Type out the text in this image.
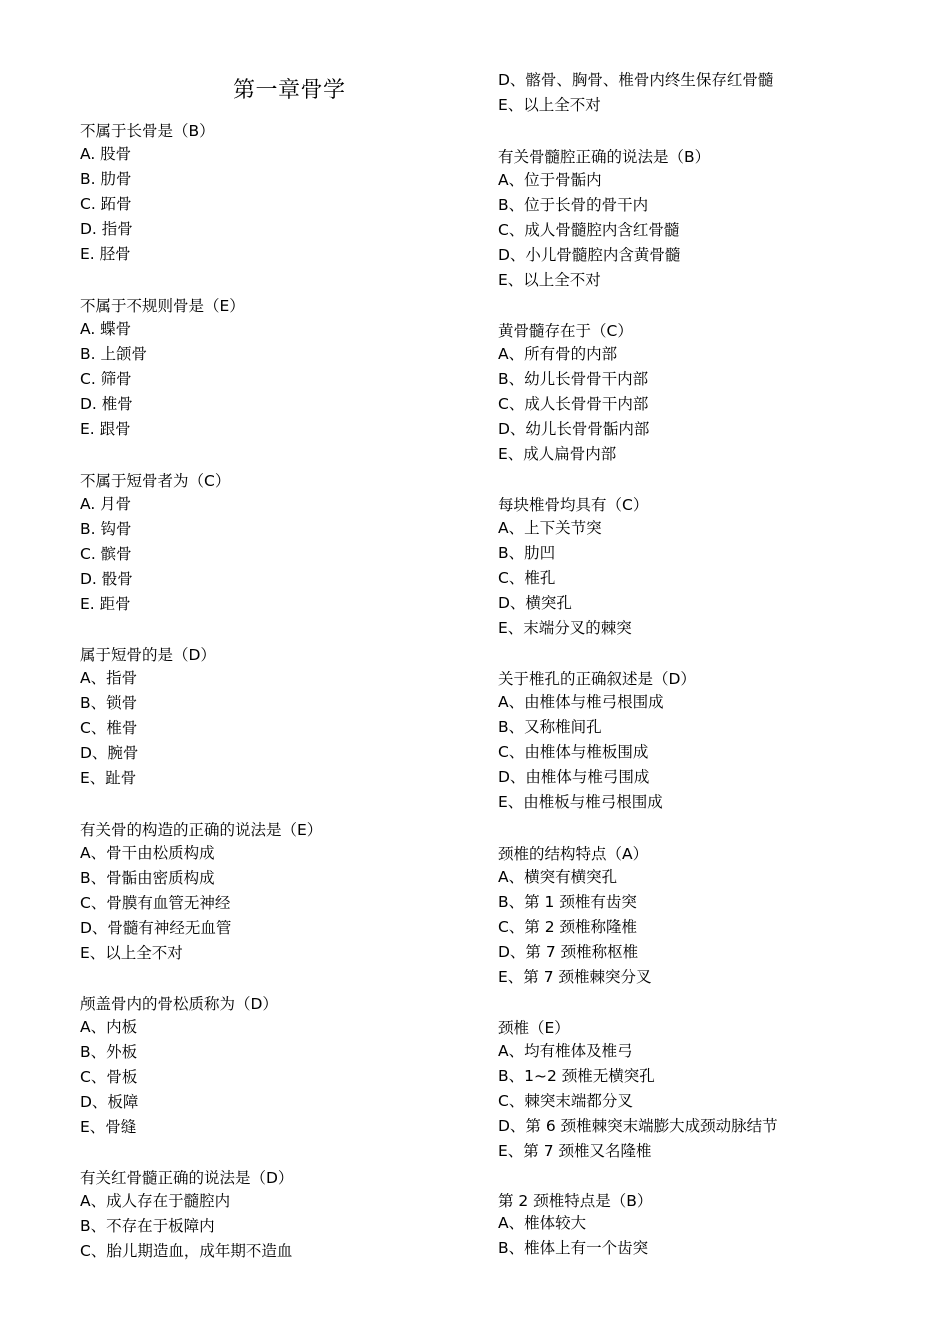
第一章骨学
不属于长骨是（B）
A. 股骨
B. 肋骨
C. 跖骨
D. 指骨
E. 胫骨
不属于不规则骨是（E）
A. 蝶骨
B. 上颌骨
C. 筛骨
D. 椎骨
E. 跟骨
不属于短骨者为（C）
A. 月骨
B. 钩骨
C. 髌骨
D. 骰骨
E. 距骨
属于短骨的是（D）
A、指骨
B、锁骨
C、椎骨
D、腕骨
E、趾骨
有关骨的构造的正确的说法是（E）
A、骨干由松质构成
B、骨骺由密质构成
C、骨膜有血管无神经
D、骨髓有神经无血管
E、以上全不对
颅盖骨内的骨松质称为（D）
A、内板
B、外板
C、骨板
D、板障
E、骨缝
有关红骨髓正确的说法是（D）
A、成人存在于髓腔内
B、不存在于板障内
C、胎儿期造血，成年期不造血
D、髂骨、胸骨、椎骨内终生保存红骨髓
E、以上全不对
有关骨髓腔正确的说法是（B）
A、位于骨骺内
B、位于长骨的骨干内
C、成人骨髓腔内含红骨髓
D、小儿骨髓腔内含黄骨髓
E、以上全不对
黄骨髓存在于（C）
A、所有骨的内部
B、幼儿长骨骨干内部
C、成人长骨骨干内部
D、幼儿长骨骨骺内部
E、成人扁骨内部
每块椎骨均具有（C）
A、上下关节突
B、肋凹
C、椎孔
D、横突孔
E、末端分叉的棘突
关于椎孔的正确叙述是（D）
A、由椎体与椎弓根围成
B、又称椎间孔
C、由椎体与椎板围成
D、由椎体与椎弓围成
E、由椎板与椎弓根围成
颈椎的结构特点（A）
A、横突有横突孔
B、第 1 颈椎有齿突
C、第 2 颈椎称隆椎
D、第 7 颈椎称枢椎
E、第 7 颈椎棘突分叉
颈椎（E）
A、均有椎体及椎弓
B、1~2 颈椎无横突孔
C、棘突末端都分叉
D、第 6 颈椎棘突末端膨大成颈动脉结节
E、第 7 颈椎又名隆椎
第 2 颈椎特点是（B）
A、椎体较大
B、椎体上有一个齿突
